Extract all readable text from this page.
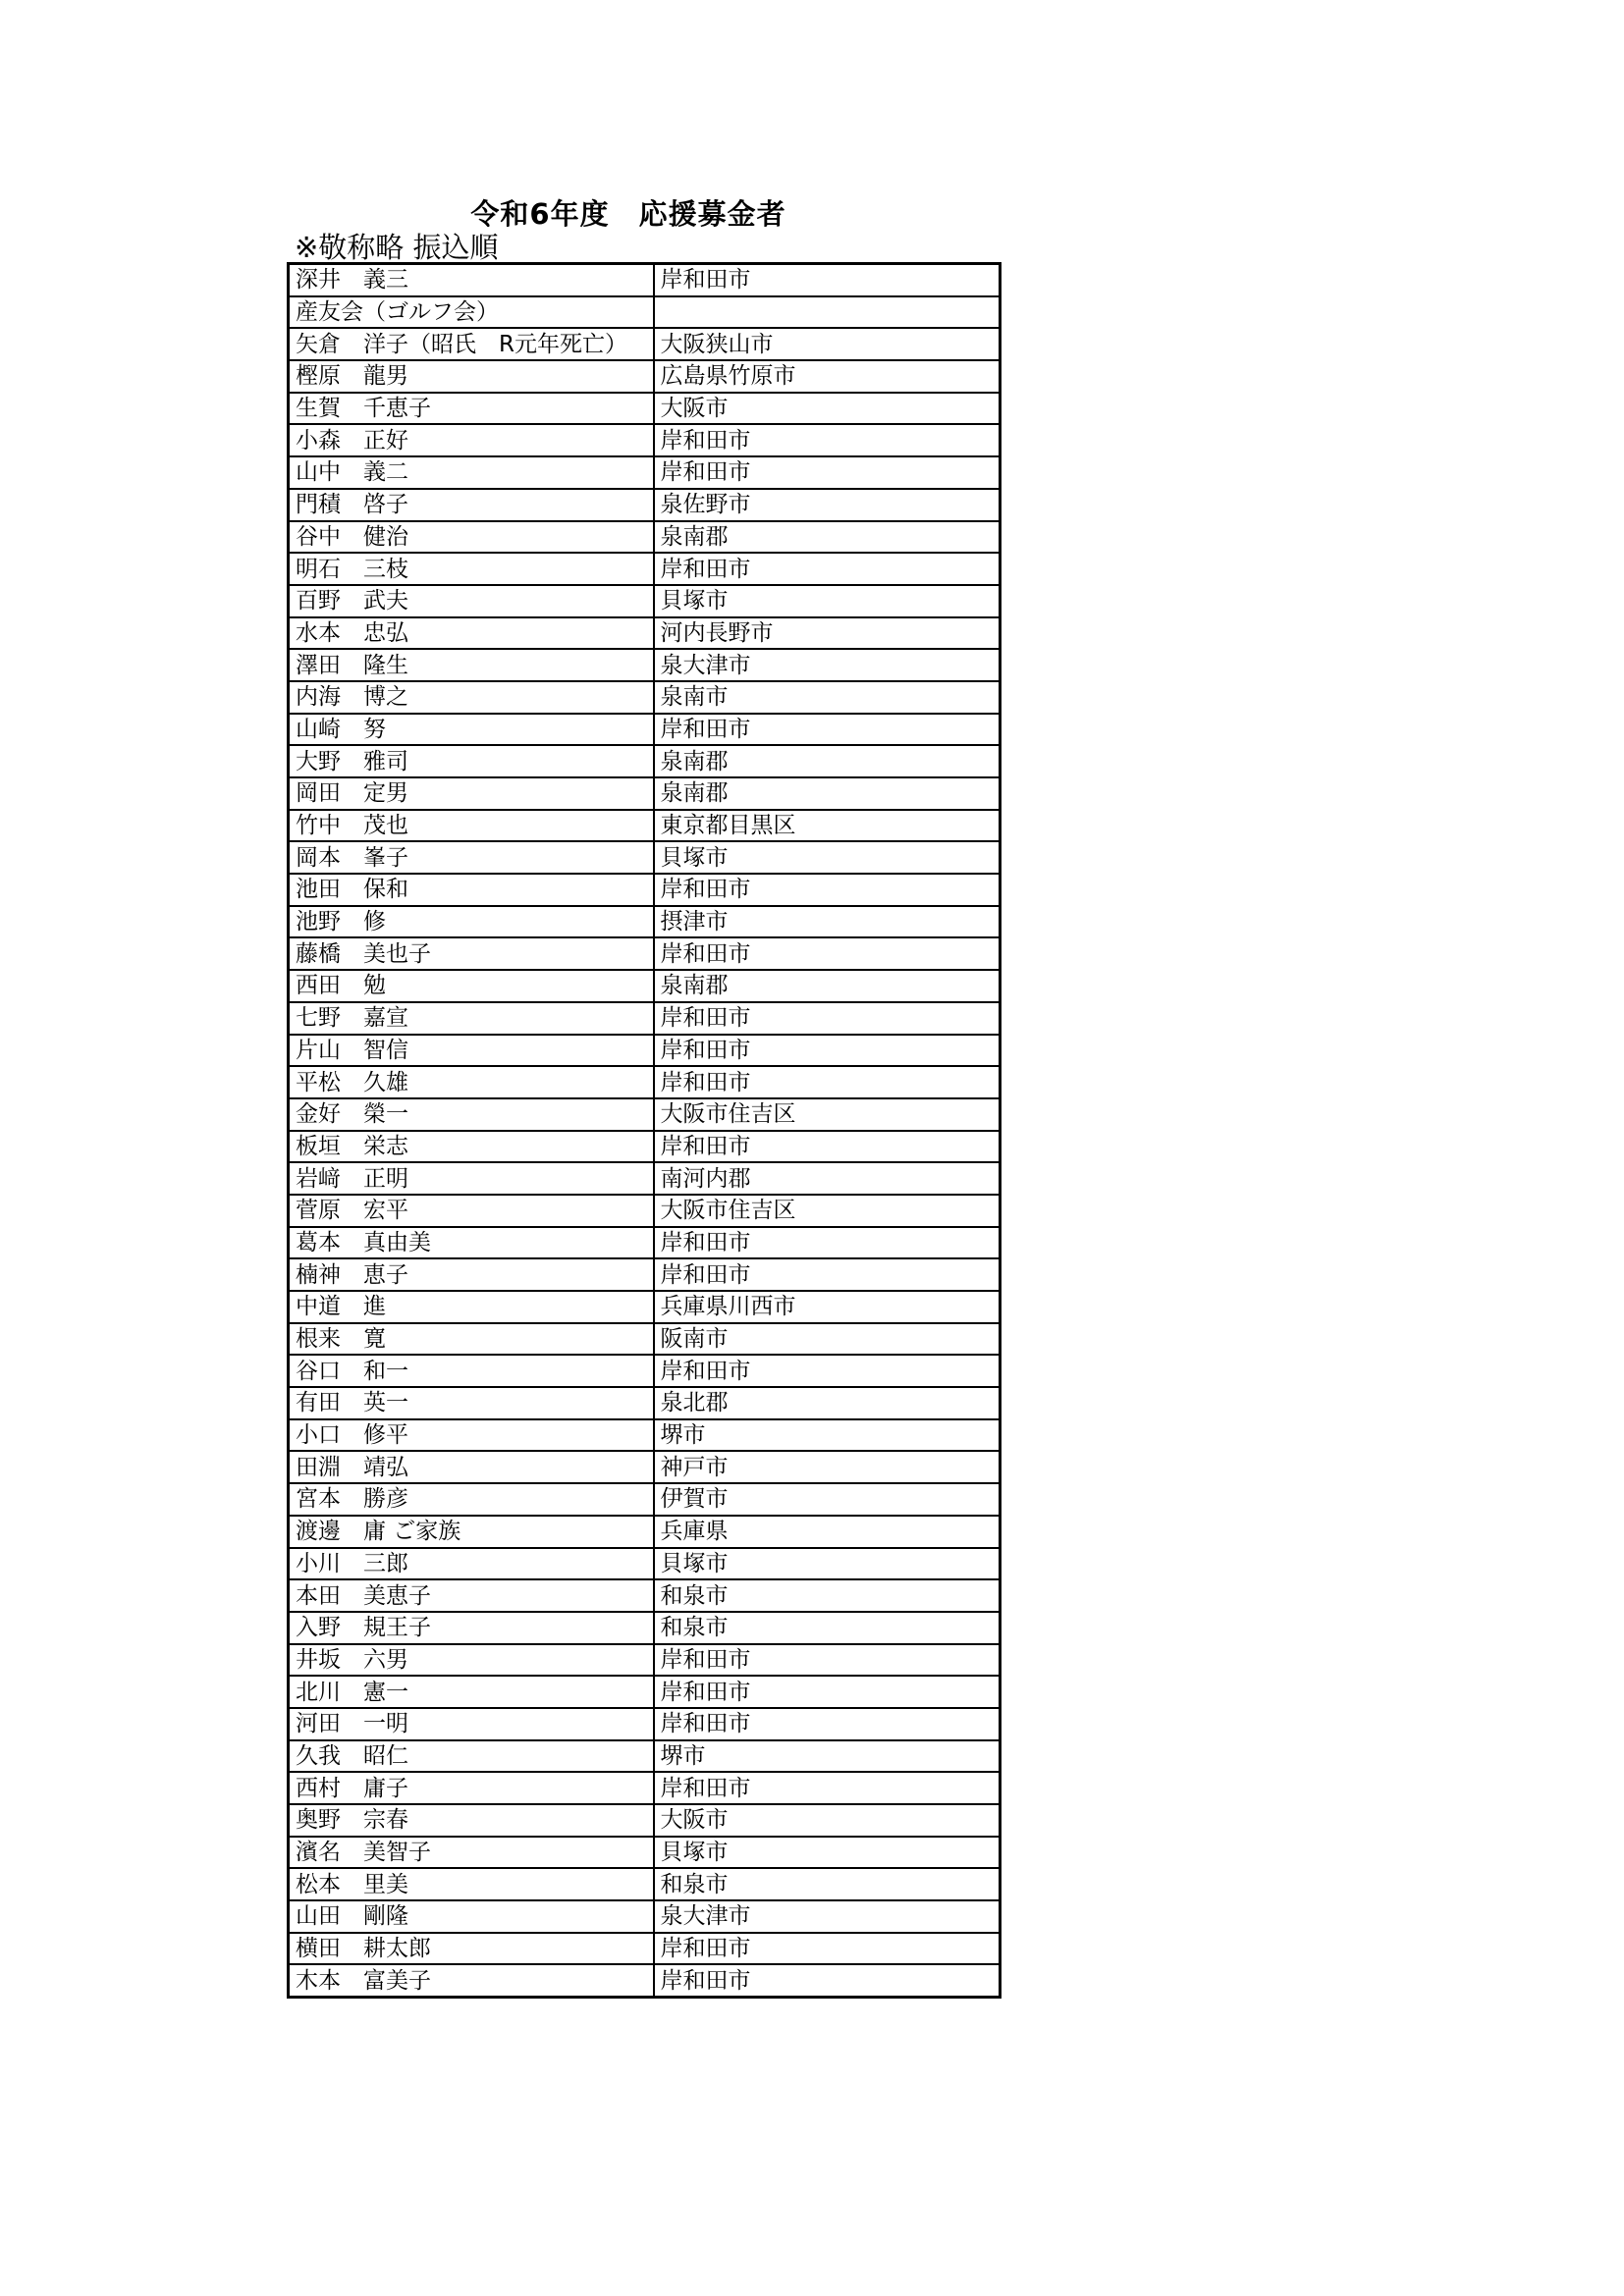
令和6年度　応援募金者
※敬称略 振込順
深井　義三	岸和田市
産友会（ゴルフ会）	
矢倉　洋子（昭氏　R元年死亡）	大阪狭山市
樫原　龍男	広島県竹原市
生賀　千恵子	大阪市
小森　正好	岸和田市
山中　義二	岸和田市
門積　啓子	泉佐野市
谷中　健治	泉南郡
明石　三枝	岸和田市
百野　武夫	貝塚市
水本　忠弘	河内長野市
澤田　隆生	泉大津市
内海　博之	泉南市
山崎　努	岸和田市
大野　雅司	泉南郡
岡田　定男	泉南郡
竹中　茂也	東京都目黒区
岡本　峯子	貝塚市
池田　保和	岸和田市
池野　修	摂津市
藤橋　美也子	岸和田市
西田　勉	泉南郡
七野　嘉宣	岸和田市
片山　智信	岸和田市
平松　久雄	岸和田市
金好　榮一	大阪市住吉区
板垣　栄志	岸和田市
岩﨑　正明	南河内郡
菅原　宏平	大阪市住吉区
葛本　真由美	岸和田市
楠神　恵子	岸和田市
中道　進	兵庫県川西市
根来　寛	阪南市
谷口　和一	岸和田市
有田　英一	泉北郡
小口　修平	堺市
田淵　靖弘	神戸市
宮本　勝彦	伊賀市
渡邊　庸 ご家族	兵庫県
小川　三郎	貝塚市
本田　美恵子	和泉市
入野　規王子	和泉市
井坂　六男	岸和田市
北川　憲一	岸和田市
河田　一明	岸和田市
久我　昭仁	堺市
西村　庸子	岸和田市
奥野　宗春	大阪市
濱名　美智子	貝塚市
松本　里美	和泉市
山田　剛隆	泉大津市
横田　耕太郎	岸和田市
木本　富美子	岸和田市
